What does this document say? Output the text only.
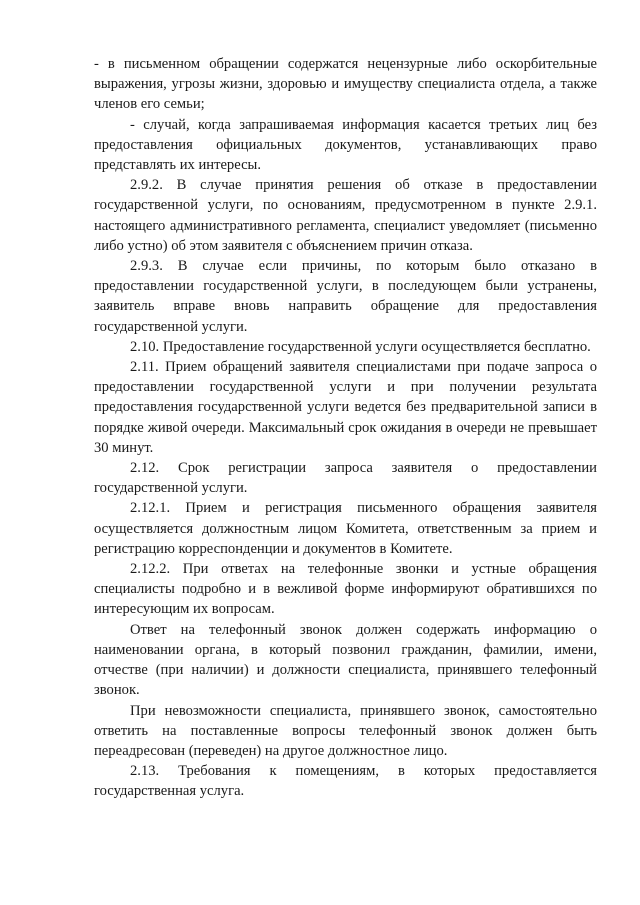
- в письменном обращении содержатся нецензурные либо оскорбительные выражения, угрозы жизни, здоровью и имуществу специалиста отдела, а также членов его семьи;

- случай, когда запрашиваемая информация касается третьих лиц без предоставления официальных документов, устанавливающих право представлять их интересы.

2.9.2. В случае принятия решения об отказе в предоставлении государственной услуги, по основаниям, предусмотренном в пункте 2.9.1. настоящего административного регламента, специалист уведомляет (письменно либо устно) об этом заявителя с объяснением причин отказа.

2.9.3. В случае если причины, по которым было отказано в предоставлении государственной услуги, в последующем были устранены, заявитель вправе вновь направить обращение для предоставления государственной услуги.

2.10. Предоставление государственной услуги осуществляется бесплатно.

2.11. Прием обращений заявителя специалистами при подаче запроса о предоставлении государственной услуги и при получении результата предоставления государственной услуги ведется без предварительной записи в порядке живой очереди. Максимальный срок ожидания в очереди не превышает 30 минут.

2.12. Срок регистрации запроса заявителя о предоставлении государственной услуги.

2.12.1. Прием и регистрация письменного обращения заявителя осуществляется должностным лицом Комитета, ответственным за прием и регистрацию корреспонденции и документов в Комитете.

2.12.2. При ответах на телефонные звонки и устные обращения специалисты подробно и в вежливой форме информируют обратившихся по интересующим их вопросам.

Ответ на телефонный звонок должен содержать информацию о наименовании органа, в который позвонил гражданин, фамилии, имени, отчестве (при наличии) и должности специалиста, принявшего телефонный звонок.

При невозможности специалиста, принявшего звонок, самостоятельно ответить на поставленные вопросы телефонный звонок должен быть переадресован (переведен) на другое должностное лицо.

2.13. Требования к помещениям, в которых предоставляется государственная услуга.
